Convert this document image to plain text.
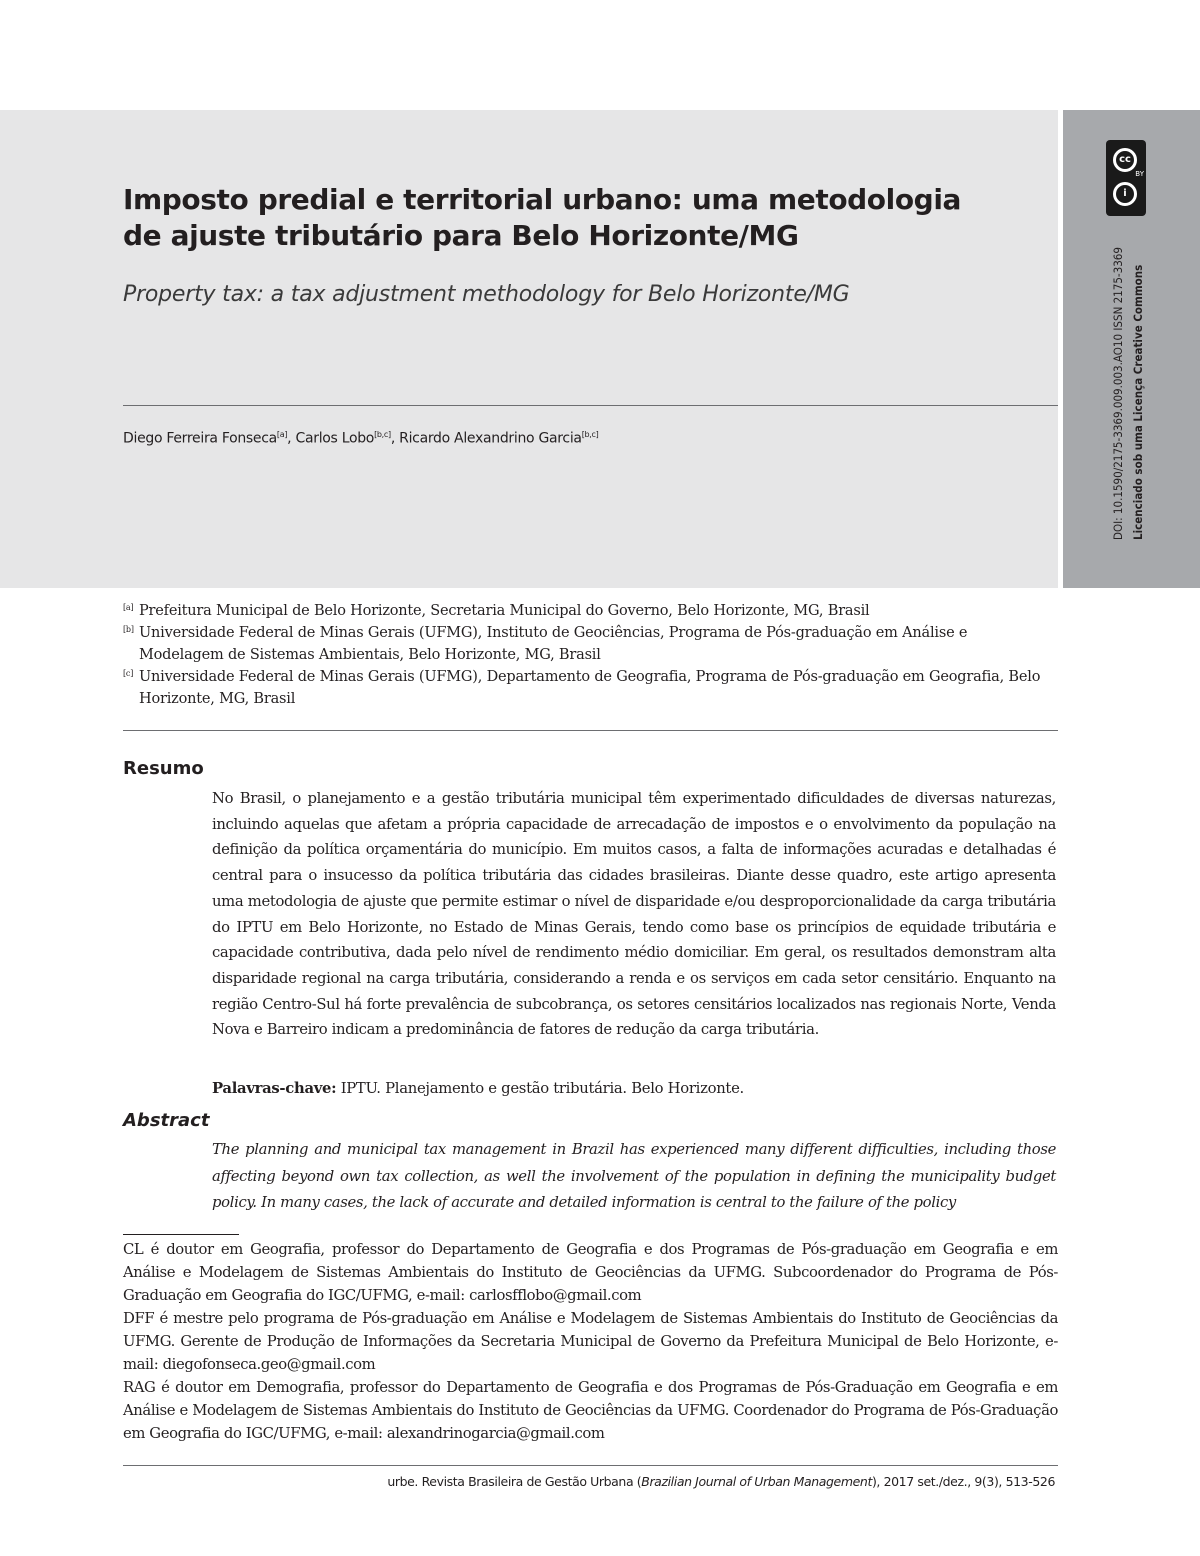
cc
i
BY
DOI: 10.1590/2175-3369.009.003.AO10 ISSN 2175-3369 Licenciado sob uma Licença Creative Commons
Imposto predial e territorial urbano: uma metodologia
de ajuste tributário para Belo Horizonte/MG
Property tax: a tax adjustment methodology for Belo Horizonte/MG
Diego Ferreira Fonseca[a], Carlos Lobo[b,c], Ricardo Alexandrino Garcia[b,c]
[a] Prefeitura Municipal de Belo Horizonte, Secretaria Municipal do Governo, Belo Horizonte, MG, Brasil
[b] Universidade Federal de Minas Gerais (UFMG), Instituto de Geociências, Programa de Pós-graduação em Análise e Modelagem de Sistemas Ambientais, Belo Horizonte, MG, Brasil
[c] Universidade Federal de Minas Gerais (UFMG), Departamento de Geografia, Programa de Pós-graduação em Geografia, Belo Horizonte, MG, Brasil
Resumo
No Brasil, o planejamento e a gestão tributária municipal têm experimentado dificuldades de diversas naturezas, incluindo aquelas que afetam a própria capacidade de arrecadação de impostos e o envolvimento da população na definição da política orçamentária do município. Em muitos casos, a falta de informações acuradas e detalhadas é central para o insucesso da política tributária das cidades brasileiras. Diante desse quadro, este artigo apresenta uma metodologia de ajuste que permite estimar o nível de disparidade e/ou desproporcionalidade da carga tributária do IPTU em Belo Horizonte, no Estado de Minas Gerais, tendo como base os princípios de equidade tributária e capacidade contributiva, dada pelo nível de rendimento médio domiciliar. Em geral, os resultados demonstram alta disparidade regional na carga tributária, considerando a renda e os serviços em cada setor censitário. Enquanto na região Centro-Sul há forte prevalência de subcobrança, os setores censitários localizados nas regionais Norte, Venda Nova e Barreiro indicam a predominância de fatores de redução da carga tributária.
Palavras-chave: IPTU. Planejamento e gestão tributária. Belo Horizonte.
Abstract
The planning and municipal tax management in Brazil has experienced many different difficulties, including those affecting beyond own tax collection, as well the involvement of the population in defining the municipality budget policy. In many cases, the lack of accurate and detailed information is central to the failure of the policy

CL é doutor em Geografia, professor do Departamento de Geografia e dos Programas de Pós-graduação em Geografia e em Análise e Modelagem de Sistemas Ambientais do Instituto de Geociências da UFMG. Subcoordenador do Programa de Pós-Graduação em Geografia do IGC/UFMG, e-mail: carlosfflobo@gmail.com

DFF é mestre pelo programa de Pós-graduação em Análise e Modelagem de Sistemas Ambientais do Instituto de Geociências da UFMG. Gerente de Produção de Informações da Secretaria Municipal de Governo da Prefeitura Municipal de Belo Horizonte, e-mail: diegofonseca.geo@gmail.com

RAG é doutor em Demografia, professor do Departamento de Geografia e dos Programas de Pós-Graduação em Geografia e em Análise e Modelagem de Sistemas Ambientais do Instituto de Geociências da UFMG. Coordenador do Programa de Pós-Graduação em Geografia do IGC/UFMG, e-mail: alexandrinogarcia@gmail.com

urbe. Revista Brasileira de Gestão Urbana (Brazilian Journal of Urban Management), 2017 set./dez., 9(3), 513-526
